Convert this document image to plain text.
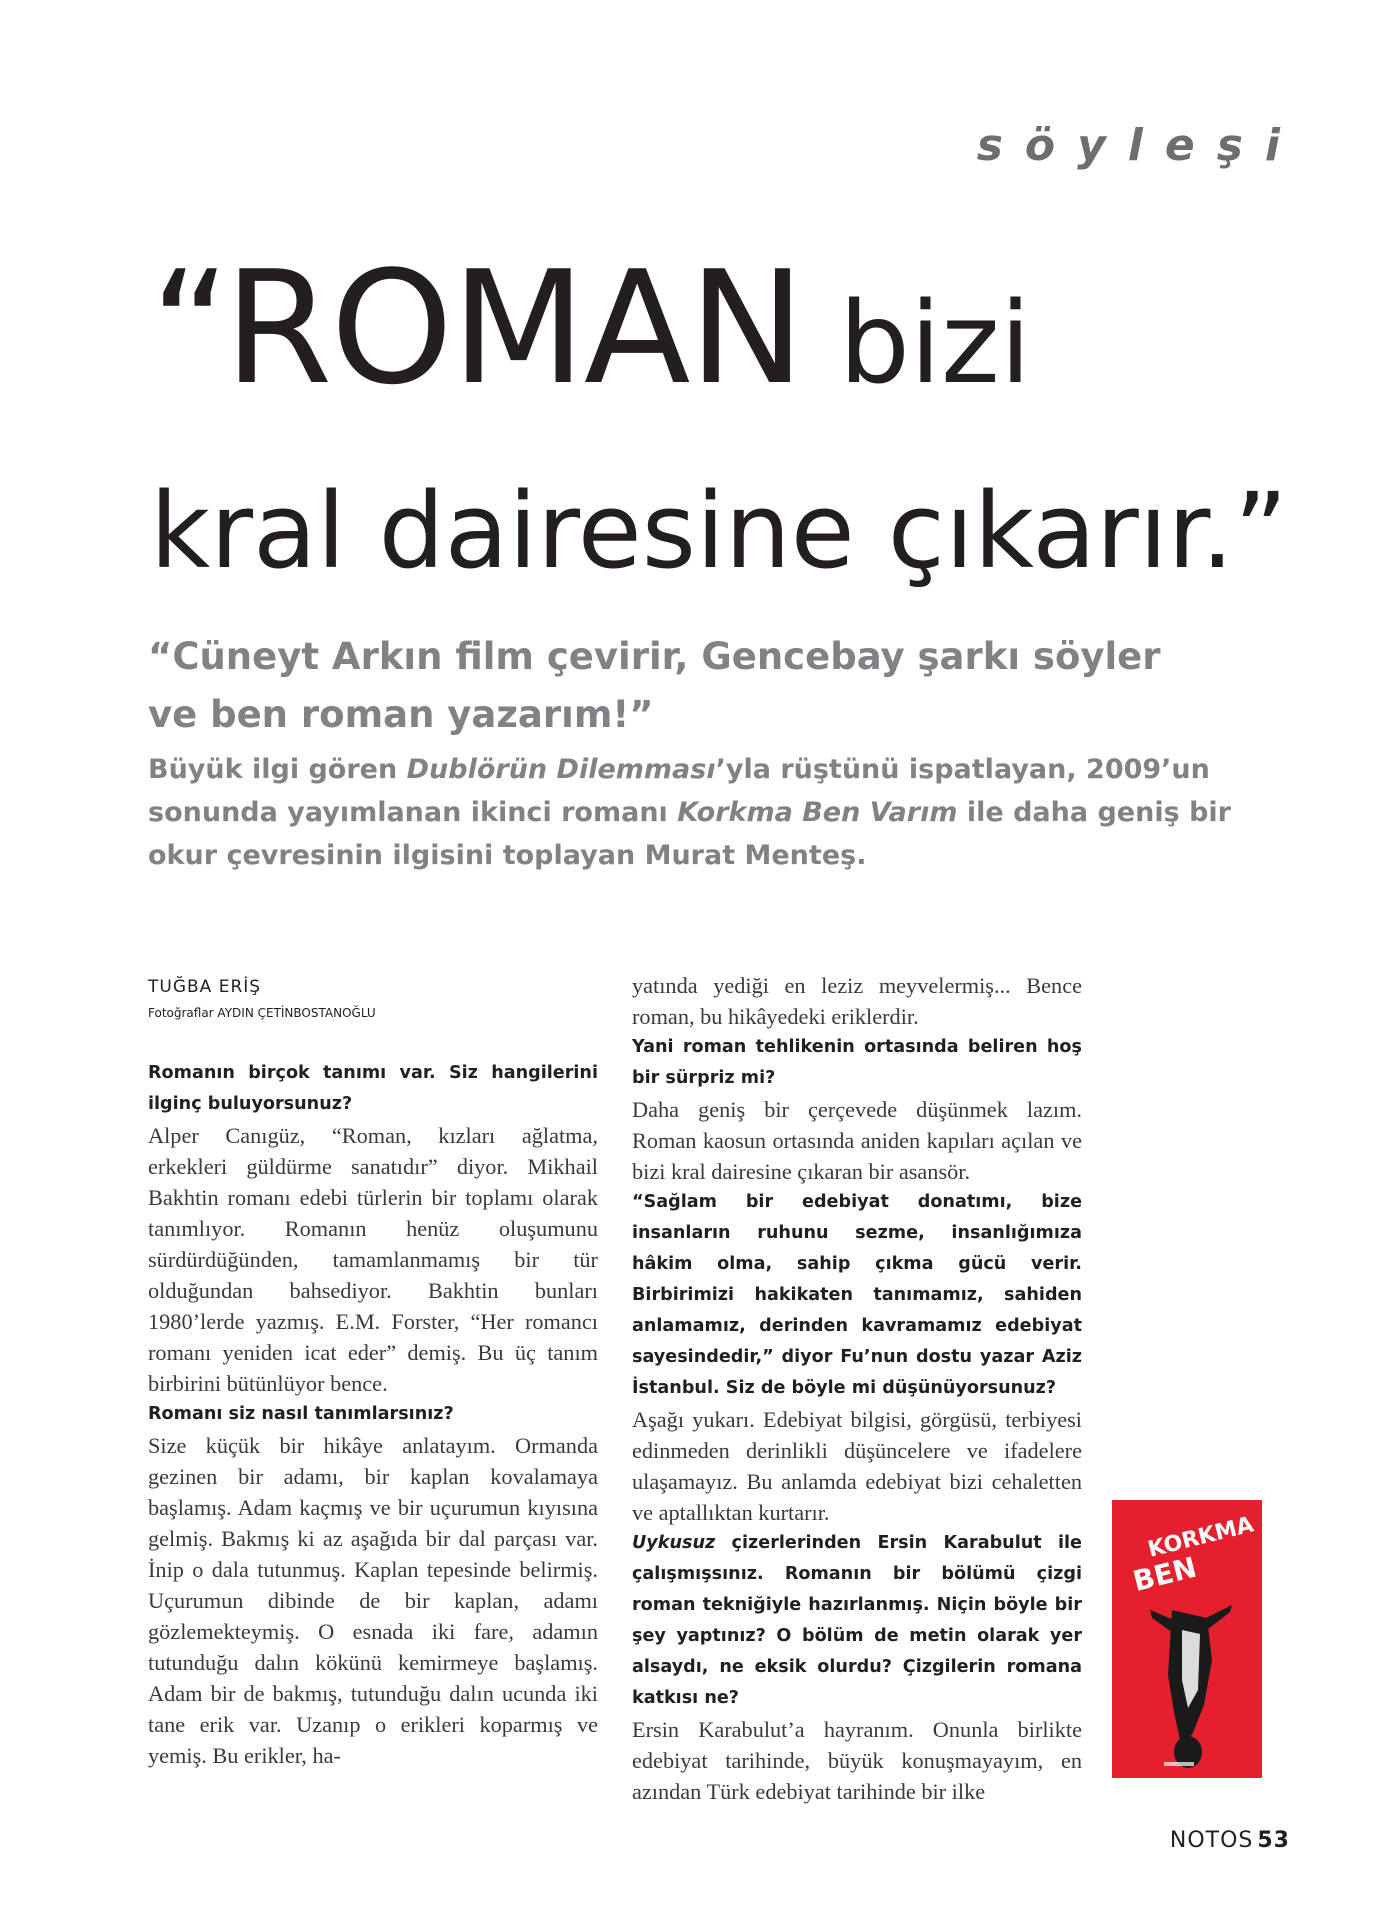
söyleşi
“ROMAN bizi
kral dairesine çıkarır.”
“Cüneyt Arkın film çevirir, Gencebay şarkı söyler
ve ben roman yazarım!”
Büyük ilgi gören Dublörün Dilemması’yla rüştünü ispatlayan, 2009’un sonunda yayımlanan ikinci romanı Korkma Ben Varım ile daha geniş bir okur çevresinin ilgisini toplayan Murat Menteş.

TUĞBA ERİŞ

Fotoğraflar AYDIN ÇETİNBOSTANOĞLU

Romanın birçok tanımı var. Siz hangilerini ilginç buluyorsunuz?

Alper Canıgüz, “Roman, kızları ağlatma, erkekleri güldürme sanatıdır” diyor. Mikhail Bakhtin romanı edebi türlerin bir toplamı olarak tanımlıyor. Romanın henüz oluşumunu sürdürdüğünden, tamamlanmamış bir tür olduğundan bahsediyor. Bakhtin bunları 1980’lerde yazmış. E.M. Forster, “Her romancı romanı yeniden icat eder” demiş. Bu üç tanım birbirini bütünlüyor bence.

Romanı siz nasıl tanımlarsınız?

Size küçük bir hikâye anlatayım. Ormanda gezinen bir adamı, bir kaplan kovalamaya başlamış. Adam kaçmış ve bir uçurumun kıyısına gelmiş. Bakmış ki az aşağıda bir dal parçası var. İnip o dala tutunmuş. Kaplan tepesinde belirmiş. Uçurumun dibinde de bir kaplan, adamı gözlemekteymiş. O esnada iki fare, adamın tutunduğu dalın kökünü kemirmeye başlamış. Adam bir de bakmış, tutunduğu dalın ucunda iki tane erik var. Uzanıp o erikleri koparmış ve yemiş. Bu erikler, ha-

yatında yediği en leziz meyvelermiş... Bence roman, bu hikâyedeki eriklerdir.

Yani roman tehlikenin ortasında beliren hoş bir sürpriz mi?

Daha geniş bir çerçevede düşünmek lazım. Roman kaosun ortasında aniden kapıları açılan ve bizi kral dairesine çıkaran bir asansör.

“Sağlam bir edebiyat donatımı, bize insanların ruhunu sezme, insanlığımıza hâkim olma, sahip çıkma gücü verir. Birbirimizi hakikaten tanımamız, sahiden anlamamız, derinden kavramamız edebiyat sayesindedir,” diyor Fu’nun dostu yazar Aziz İstanbul. Siz de böyle mi düşünüyorsunuz?

Aşağı yukarı. Edebiyat bilgisi, görgüsü, terbiyesi edinmeden derinlikli düşüncelere ve ifadelere ulaşamayız. Bu anlamda edebiyat bizi cehaletten ve aptallıktan kurtarır.

Uykusuz çizerlerinden Ersin Karabulut ile çalışmışsınız. Romanın bir bölümü çizgi roman tekniğiyle hazırlanmış. Niçin böyle bir şey yaptınız? O bölüm de metin olarak yer alsaydı, ne eksik olurdu? Çizgilerin romana katkısı ne?

Ersin Karabulut’a hayranım. Onunla birlikte edebiyat tarihinde, büyük konuşmayayım, en azından Türk edebiyat tarihinde bir ilke

KORKMA
BEN
NOTOS 53
